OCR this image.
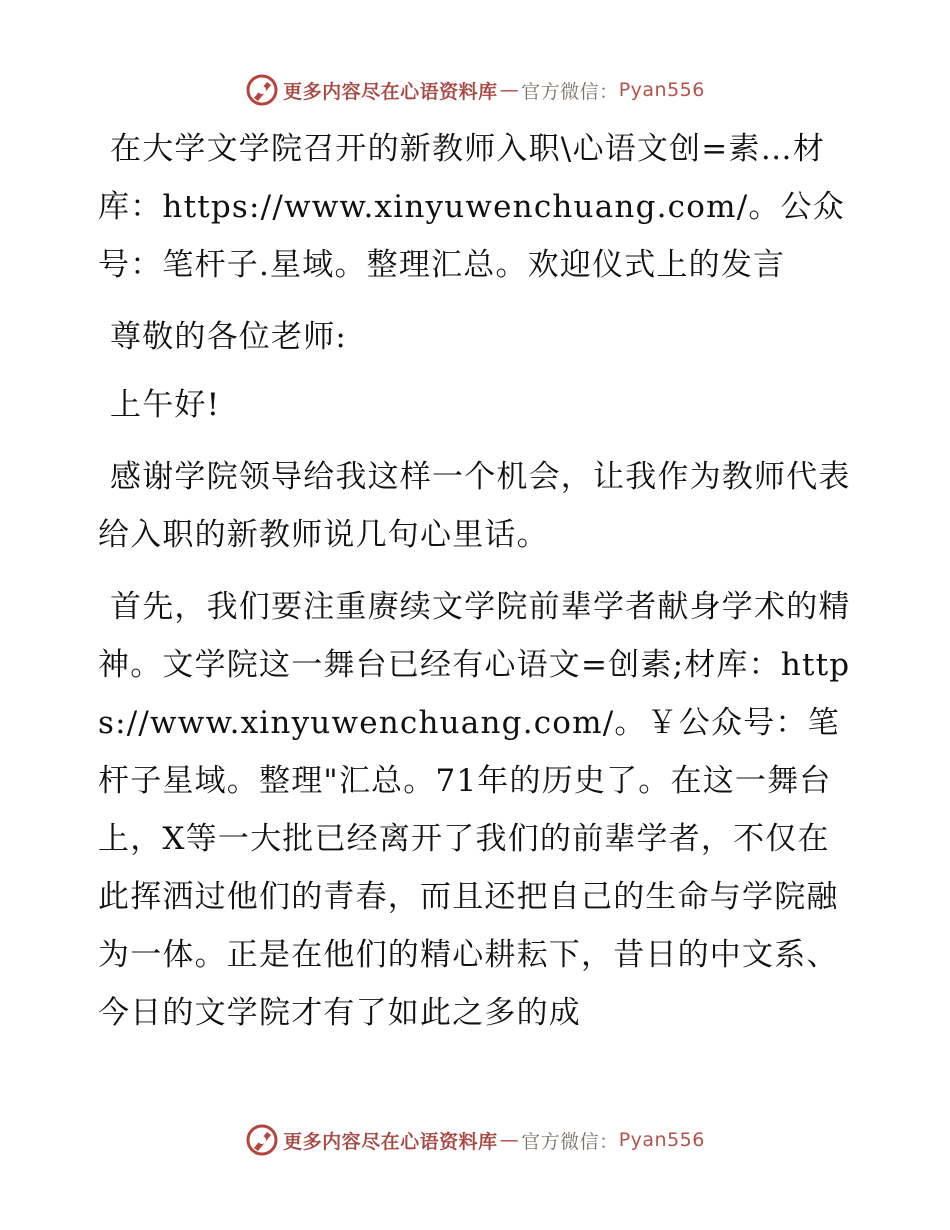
更多内容尽在心语资料库 — 官方微信： Pyan556

在大学文学院召开的新教师入职\心语文创=素…材库：https://www.xinyuwenchuang.com/。公众号：笔杆子.星域。整理汇总。欢迎仪式上的发言

尊敬的各位老师:

上午好!

感谢学院领导给我这样一个机会，让我作为教师代表给入职的新教师说几句心里话。

首先，我们要注重赓续文学院前辈学者献身学术的精神。文学院这一舞台已经有心语文=创素;材库：https://www.xinyuwenchuang.com/。￥公众号：笔杆子星域。整理"汇总。71年的历史了。在这一舞台上，X等一大批已经离开了我们的前辈学者，不仅在此挥洒过他们的青春，而且还把自己的生命与学院融为一体。正是在他们的精心耕耘下，昔日的中文系、今日的文学院才有了如此之多的成

更多内容尽在心语资料库 — 官方微信： Pyan556
